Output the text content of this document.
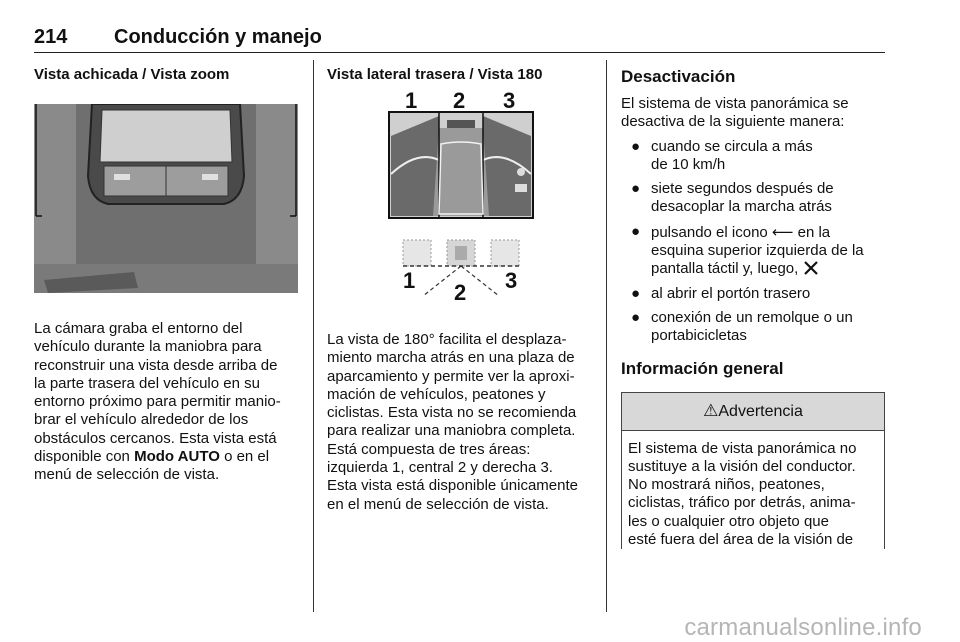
214 Conducción y manejo

Vista achicada / Vista zoom

La cámara graba el entorno del

vehículo durante la maniobra para

reconstruir una vista desde arriba de

la parte trasera del vehículo en su

entorno próximo para permitir manio-

brar el vehículo alrededor de los

obstáculos cercanos. Esta vista está

disponible con Modo AUTO o en el

menú de selección de vista.

Vista lateral trasera / Vista 180

1 2 3
1 2 3

La vista de 180° facilita el desplaza-

miento marcha atrás en una plaza de

aparcamiento y permite ver la aproxi-

mación de vehículos, peatones y

ciclistas. Esta vista no se recomienda

para realizar una maniobra completa.

Está compuesta de tres áreas:

izquierda 1, central 2 y derecha 3.

Esta vista está disponible únicamente

en el menú de selección de vista.

Desactivación

El sistema de vista panorámica se

desactiva de la siguiente manera:

● cuando se circula a más
de 10 km/h
● siete segundos después de
desacoplar la marcha atrás
● pulsando el icono ⟵ en la
esquina superior izquierda de la
pantalla táctil y, luego,
● al abrir el portón trasero
● conexión de un remolque o un
portabicicletas

Información general

⚠Advertencia
El sistema de vista panorámica no
sustituye a la visión del conductor.
No mostrará niños, peatones,
ciclistas, tráfico por detrás, anima-
les o cualquier otro objeto que
esté fuera del área de la visión de
carmanualsonline.info
